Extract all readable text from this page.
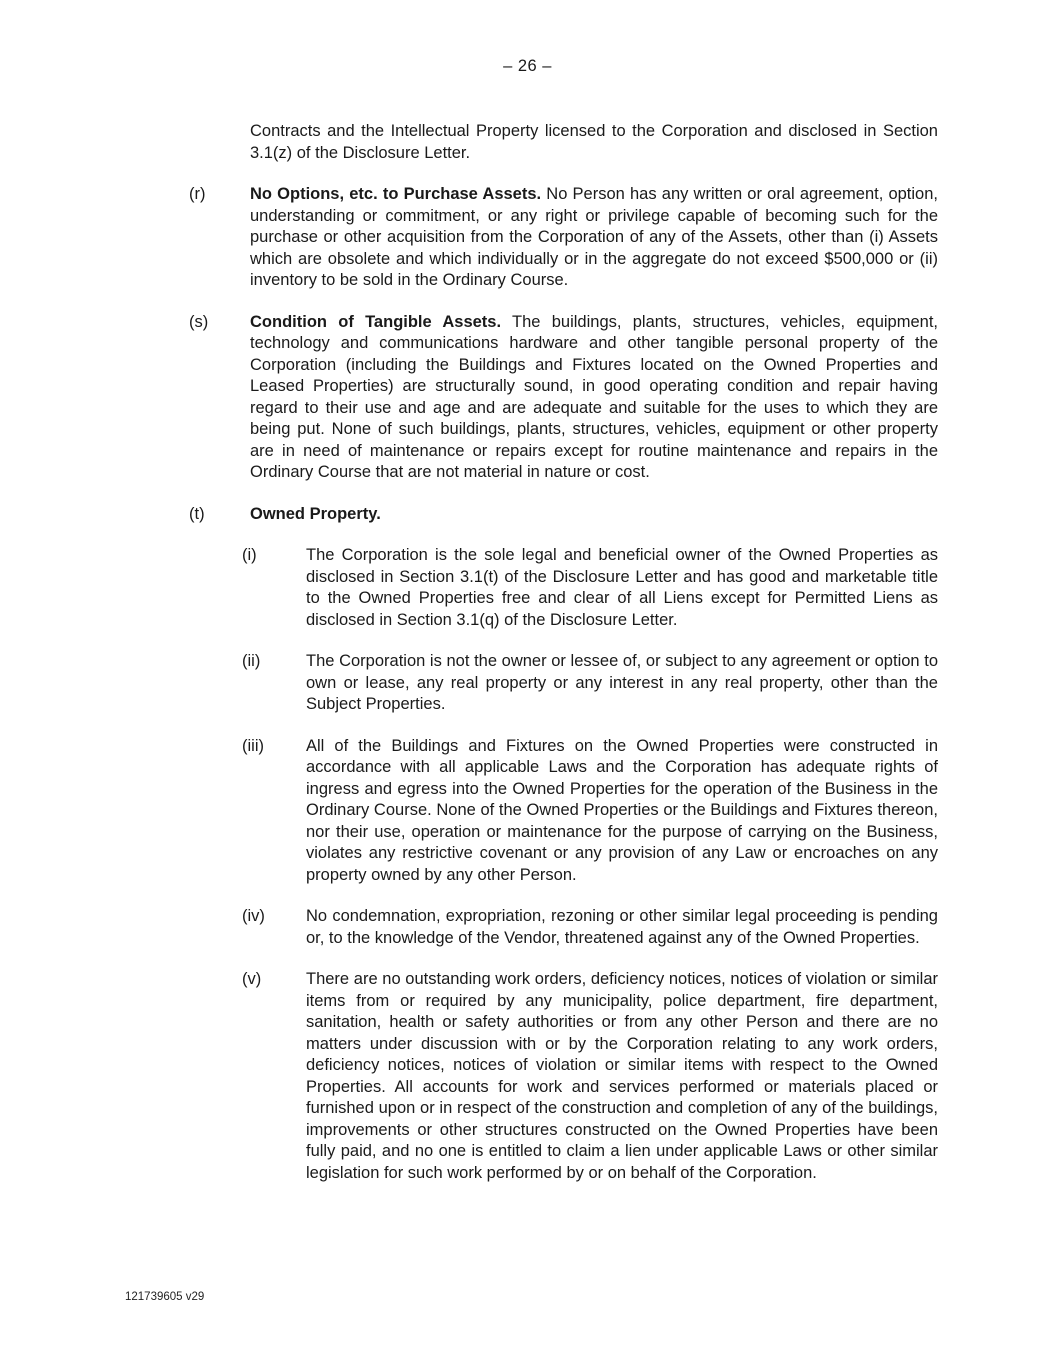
– 26 –

Contracts and the Intellectual Property licensed to the Corporation and disclosed in Section 3.1(z) of the Disclosure Letter.

(r)	No Options, etc. to Purchase Assets. No Person has any written or oral agreement, option, understanding or commitment, or any right or privilege capable of becoming such for the purchase or other acquisition from the Corporation of any of the Assets, other than (i) Assets which are obsolete and which individually or in the aggregate do not exceed $500,000 or (ii) inventory to be sold in the Ordinary Course.
(s)	Condition of Tangible Assets. The buildings, plants, structures, vehicles, equipment, technology and communications hardware and other tangible personal property of the Corporation (including the Buildings and Fixtures located on the Owned Properties and Leased Properties) are structurally sound, in good operating condition and repair having regard to their use and age and are adequate and suitable for the uses to which they are being put. None of such buildings, plants, structures, vehicles, equipment or other property are in need of maintenance or repairs except for routine maintenance and repairs in the Ordinary Course that are not material in nature or cost.
(t)	Owned Property.
(i)	The Corporation is the sole legal and beneficial owner of the Owned Properties as disclosed in Section 3.1(t) of the Disclosure Letter and has good and marketable title to the Owned Properties free and clear of all Liens except for Permitted Liens as disclosed in Section 3.1(q) of the Disclosure Letter.
(ii)	The Corporation is not the owner or lessee of, or subject to any agreement or option to own or lease, any real property or any interest in any real property, other than the Subject Properties.
(iii)	All of the Buildings and Fixtures on the Owned Properties were constructed in accordance with all applicable Laws and the Corporation has adequate rights of ingress and egress into the Owned Properties for the operation of the Business in the Ordinary Course. None of the Owned Properties or the Buildings and Fixtures thereon, nor their use, operation or maintenance for the purpose of carrying on the Business, violates any restrictive covenant or any provision of any Law or encroaches on any property owned by any other Person.
(iv)	No condemnation, expropriation, rezoning or other similar legal proceeding is pending or, to the knowledge of the Vendor, threatened against any of the Owned Properties.
(v)	There are no outstanding work orders, deficiency notices, notices of violation or similar items from or required by any municipality, police department, fire department, sanitation, health or safety authorities or from any other Person and there are no matters under discussion with or by the Corporation relating to any work orders, deficiency notices, notices of violation or similar items with respect to the Owned Properties. All accounts for work and services performed or materials placed or furnished upon or in respect of the construction and completion of any of the buildings, improvements or other structures constructed on the Owned Properties have been fully paid, and no one is entitled to claim a lien under applicable Laws or other similar legislation for such work performed by or on behalf of the Corporation.
121739605 v29
